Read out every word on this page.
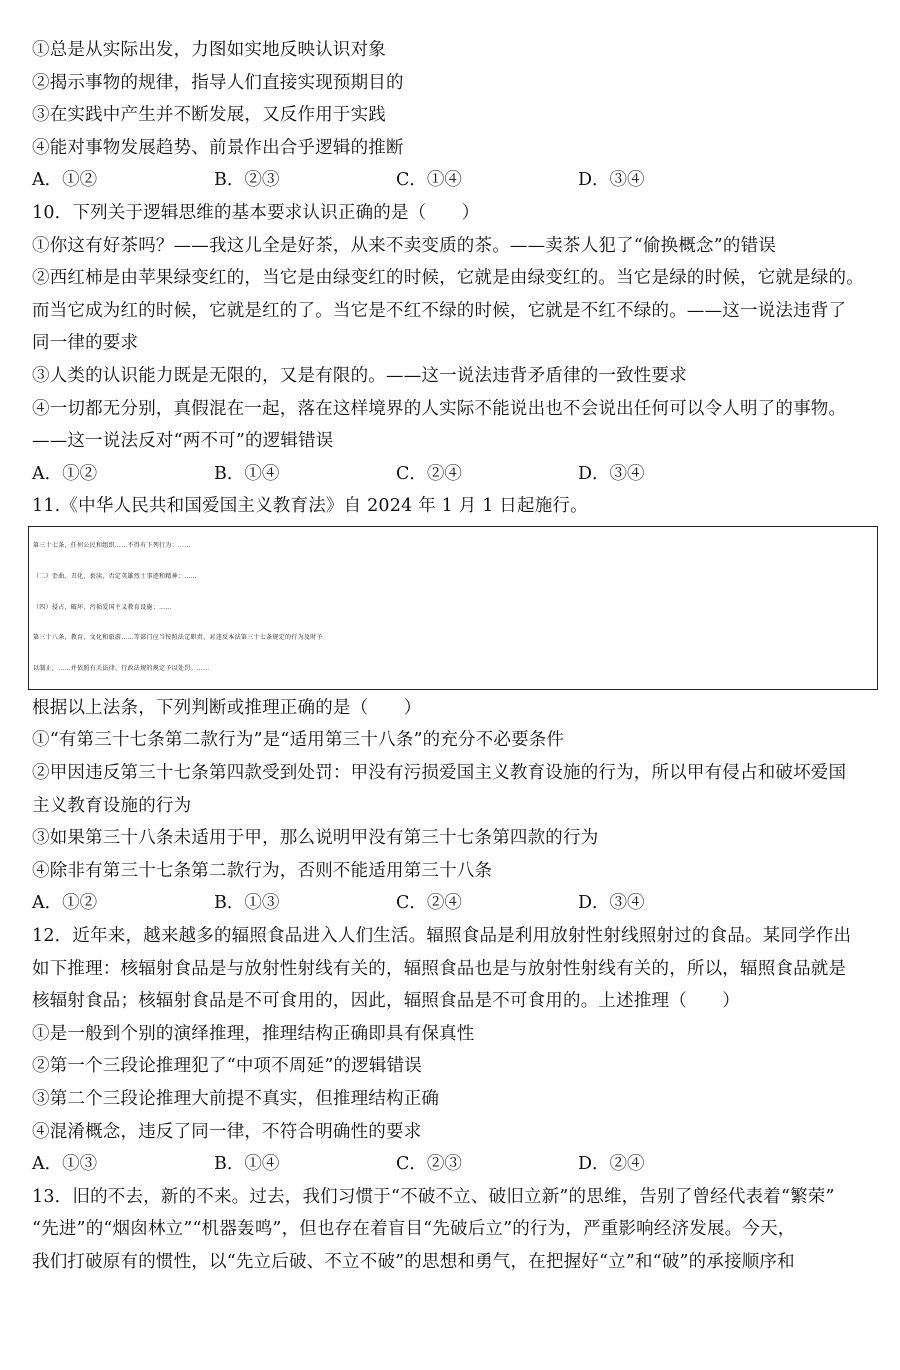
①总是从实际出发，力图如实地反映认识对象
②揭示事物的规律，指导人们直接实现预期目的
③在实践中产生并不断发展，又反作用于实践
④能对事物发展趋势、前景作出合乎逻辑的推断
A．①②	B．②③	C．①④	D．③④
10．下列关于逻辑思维的基本要求认识正确的是（　　）
①你这有好茶吗？——我这儿全是好茶，从来不卖变质的茶。——卖茶人犯了“偷换概念”的错误
②西红柿是由苹果绿变红的，当它是由绿变红的时候，它就是由绿变红的。当它是绿的时候，它就是绿的。
而当它成为红的时候，它就是红的了。当它是不红不绿的时候，它就是不红不绿的。——这一说法违背了
同一律的要求
③人类的认识能力既是无限的，又是有限的。——这一说法违背矛盾律的一致性要求
④一切都无分别，真假混在一起，落在这样境界的人实际不能说出也不会说出任何可以令人明了的事物。
——这一说法反对“两不可”的逻辑错误
A．①②	B．①④	C．②④	D．③④
11.《中华人民共和国爱国主义教育法》自 2024 年 1 月 1 日起施行。
第三十七条，任何公民和组织……不得有下列行为：……
（二）歪曲、丑化、亵渎、否定英雄烈士事迹和精神；……
（四）侵占、破坏、污损爱国主义教育设施；……
第三十八条，教育、文化和旅游……等部门应当按照法定职责，对违反本法第三十七条规定的行为及时予
以制止，……并依照有关法律、行政法规的规定予以处罚。……
根据以上法条，下列判断或推理正确的是（　　）
①“有第三十七条第二款行为”是“适用第三十八条”的充分不必要条件
②甲因违反第三十七条第四款受到处罚：甲没有污损爱国主义教育设施的行为，所以甲有侵占和破坏爱国
主义教育设施的行为
③如果第三十八条未适用于甲，那么说明甲没有第三十七条第四款的行为
④除非有第三十七条第二款行为，否则不能适用第三十八条
A．①②	B．①③	C．②④	D．③④
12．近年来，越来越多的辐照食品进入人们生活。辐照食品是利用放射性射线照射过的食品。某同学作出
如下推理：核辐射食品是与放射性射线有关的，辐照食品也是与放射性射线有关的，所以，辐照食品就是
核辐射食品；核辐射食品是不可食用的，因此，辐照食品是不可食用的。上述推理（　　）
①是一般到个别的演绎推理，推理结构正确即具有保真性
②第一个三段论推理犯了“中项不周延”的逻辑错误
③第二个三段论推理大前提不真实，但推理结构正确
④混淆概念，违反了同一律，不符合明确性的要求
A．①③	B．①④	C．②③	D．②④
13．旧的不去，新的不来。过去，我们习惯于“不破不立、破旧立新”的思维，告别了曾经代表着“繁荣”
“先进”的“烟囱林立”“机器轰鸣”，但也存在着盲目“先破后立”的行为，严重影响经济发展。今天，
我们打破原有的惯性，以“先立后破、不立不破”的思想和勇气，在把握好“立”和“破”的承接顺序和
